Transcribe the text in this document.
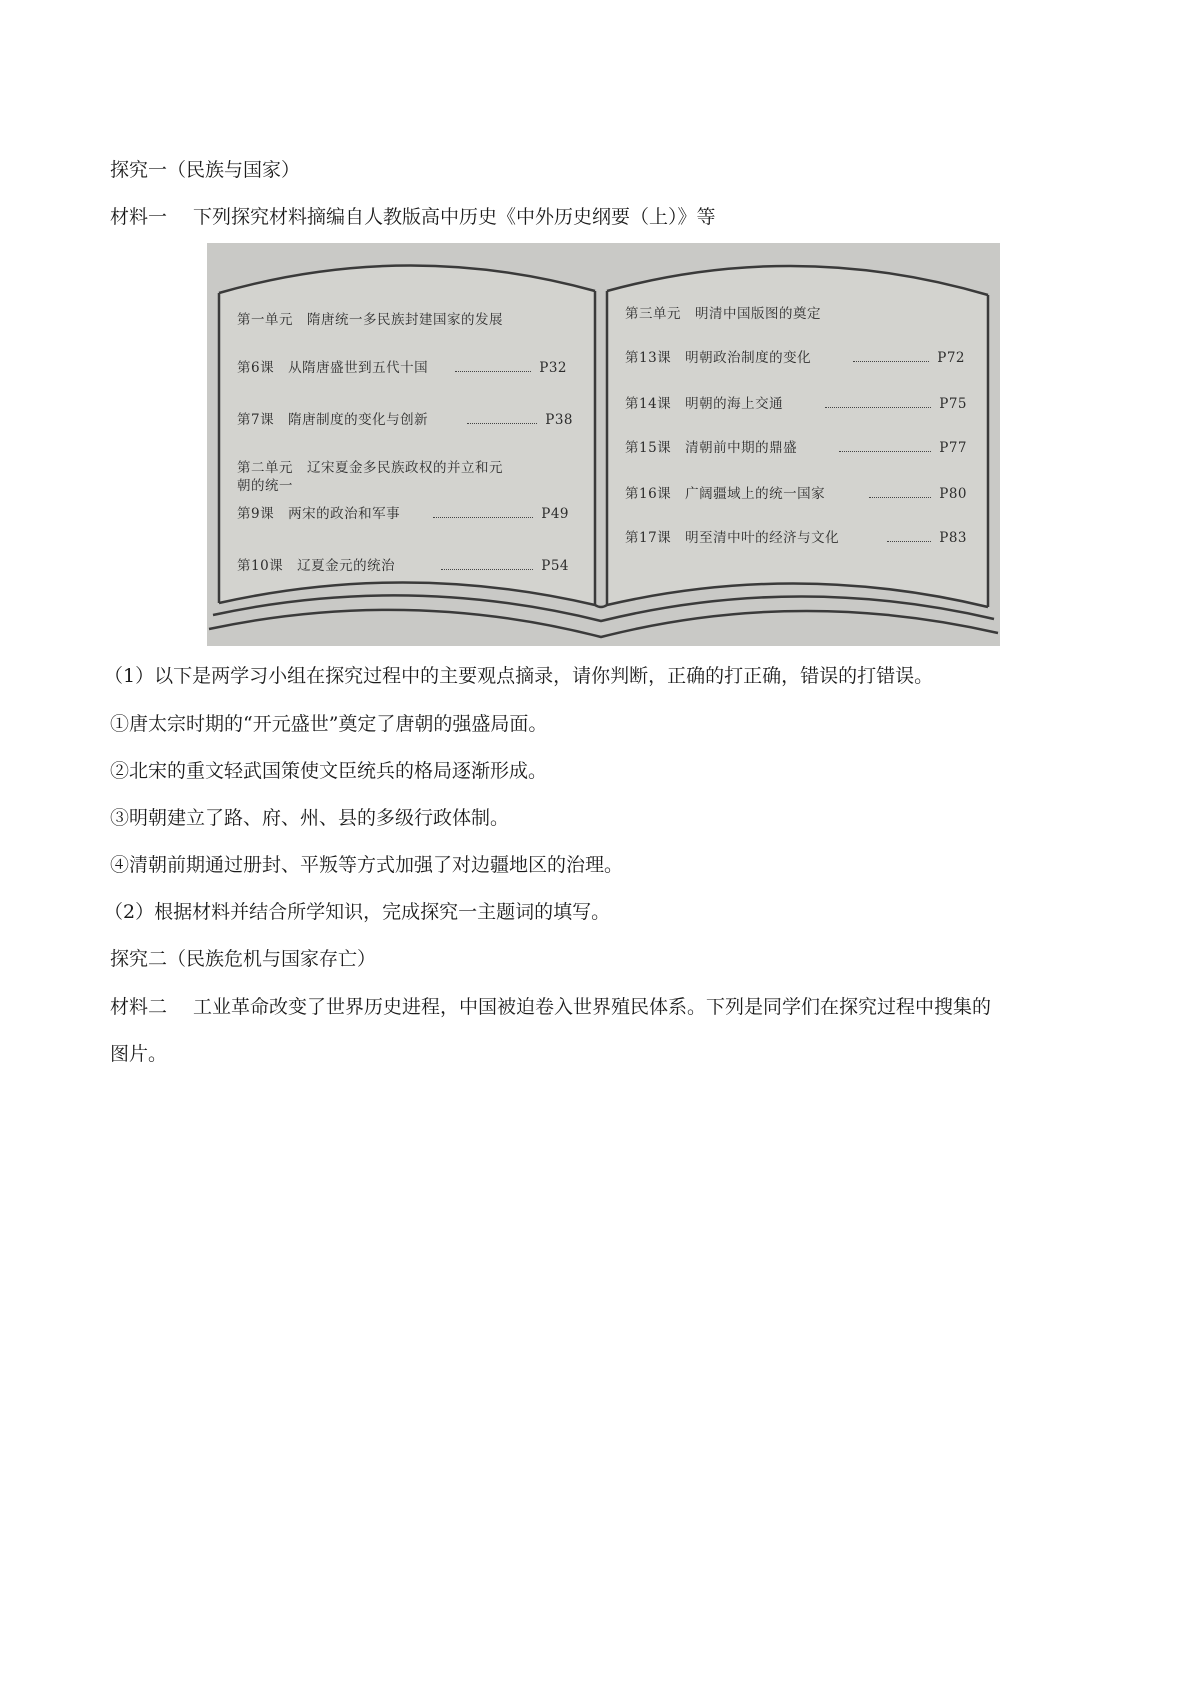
探究一（民族与国家）

材料一 下列探究材料摘编自人教版高中历史《中外历史纲要（上）》等

第一单元　隋唐统一多民族封建国家的发展
第6课　从隋唐盛世到五代十国	P32
第7课　隋唐制度的变化与创新	P38
第二单元　辽宋夏金多民族政权的并立和元
朝的统一
第9课　两宋的政治和军事	P49
第10课　辽夏金元的统治	P54
第三单元　明清中国版图的奠定
第13课　明朝政治制度的变化	P72
第14课　明朝的海上交通	P75
第15课　清朝前中期的鼎盛	P77
第16课　广阔疆域上的统一国家	P80
第17课　明至清中叶的经济与文化	P83

（1）以下是两学习小组在探究过程中的主要观点摘录，请你判断，正确的打正确，错误的打错误。

①唐太宗时期的“开元盛世”奠定了唐朝的强盛局面。

②北宋的重文轻武国策使文臣统兵的格局逐渐形成。

③明朝建立了路、府、州、县的多级行政体制。

④清朝前期通过册封、平叛等方式加强了对边疆地区的治理。

（2）根据材料并结合所学知识，完成探究一主题词的填写。

探究二（民族危机与国家存亡）

材料二 工业革命改变了世界历史进程，中国被迫卷入世界殖民体系。下列是同学们在探究过程中搜集的

图片。
